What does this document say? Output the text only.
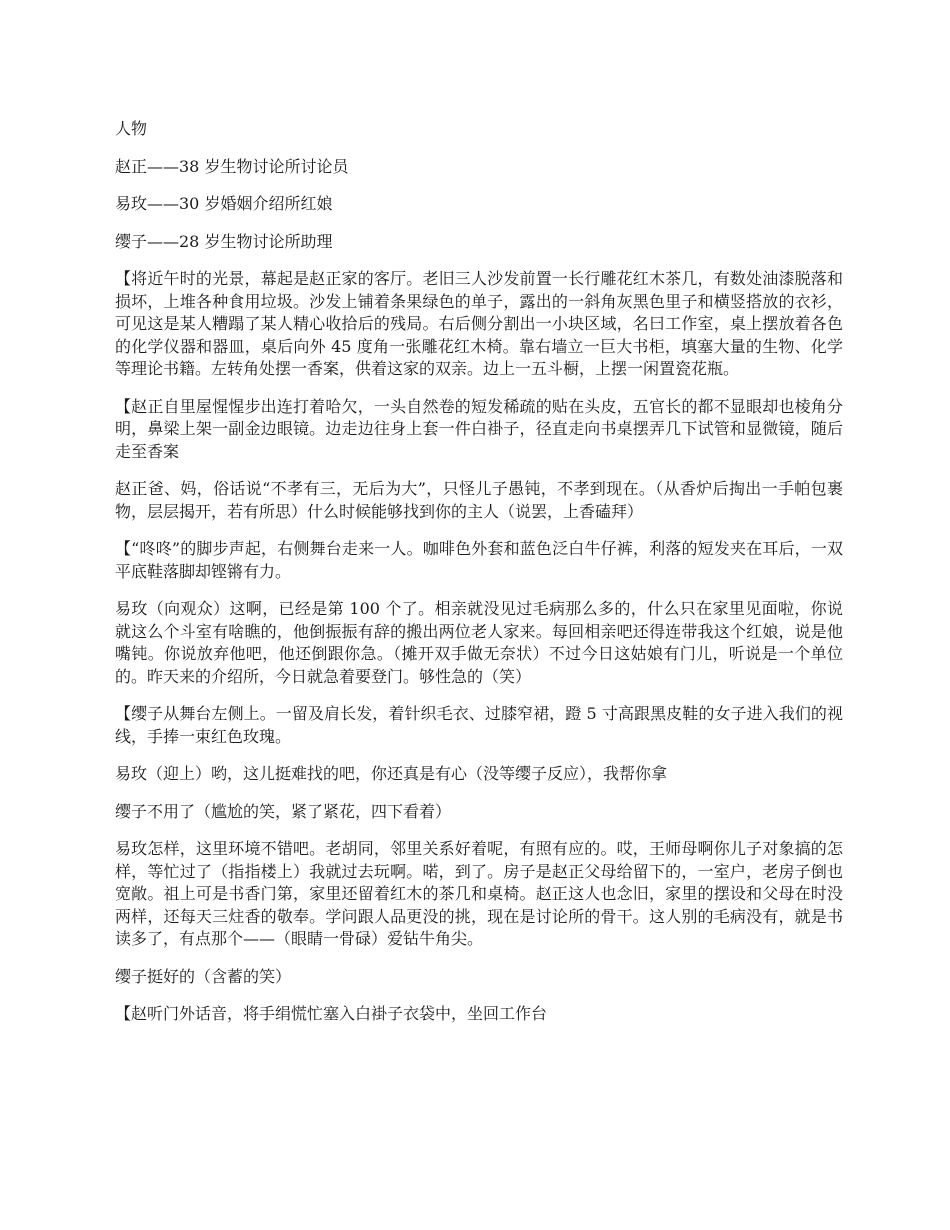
人物

赵正——38 岁生物讨论所讨论员

易玫——30 岁婚姻介绍所红娘

缨子——28 岁生物讨论所助理

【将近午时的光景，幕起是赵正家的客厅。老旧三人沙发前置一长行雕花红木茶几，有数处油漆脱落和损坏，上堆各种食用垃圾。沙发上铺着条果绿色的单子，露出的一斜角灰黑色里子和横竖搭放的衣衫，可见这是某人糟蹋了某人精心收拾后的残局。右后侧分割出一小块区域，名曰工作室，桌上摆放着各色的化学仪器和器皿，桌后向外 45 度角一张雕花红木椅。靠右墙立一巨大书柜，填塞大量的生物、化学等理论书籍。左转角处摆一香案，供着这家的双亲。边上一五斗橱，上摆一闲置瓷花瓶。

【赵正自里屋惺惺步出连打着哈欠，一头自然卷的短发稀疏的贴在头皮，五官长的都不显眼却也棱角分明，鼻梁上架一副金边眼镜。边走边往身上套一件白褂子，径直走向书桌摆弄几下试管和显微镜，随后走至香案

赵正爸、妈，俗话说“不孝有三，无后为大”，只怪儿子愚钝，不孝到现在。（从香炉后掏出一手帕包裹物，层层揭开，若有所思）什么时候能够找到你的主人（说罢，上香磕拜）

【“咚咚”的脚步声起，右侧舞台走来一人。咖啡色外套和蓝色泛白牛仔裤，利落的短发夹在耳后，一双平底鞋落脚却铿锵有力。

易玫（向观众）这啊，已经是第 100 个了。相亲就没见过毛病那么多的，什么只在家里见面啦，你说就这么个斗室有啥瞧的，他倒振振有辞的搬出两位老人家来。每回相亲吧还得连带我这个红娘，说是他嘴钝。你说放弃他吧，他还倒跟你急。（摊开双手做无奈状）不过今日这姑娘有门儿，听说是一个单位的。昨天来的介绍所，今日就急着要登门。够性急的（笑）

【缨子从舞台左侧上。一留及肩长发，着针织毛衣、过膝窄裙，蹬 5 寸高跟黑皮鞋的女子进入我们的视线，手捧一束红色玫瑰。

易玫（迎上）哟，这儿挺难找的吧，你还真是有心（没等缨子反应），我帮你拿

缨子不用了（尴尬的笑，紧了紧花，四下看着）

易玫怎样，这里环境不错吧。老胡同，邻里关系好着呢，有照有应的。哎，王师母啊你儿子对象搞的怎样，等忙过了（指指楼上）我就过去玩啊。喏，到了。房子是赵正父母给留下的，一室户，老房子倒也宽敞。祖上可是书香门第，家里还留着红木的茶几和桌椅。赵正这人也念旧，家里的摆设和父母在时没两样，还每天三炷香的敬奉。学问跟人品更没的挑，现在是讨论所的骨干。这人别的毛病没有，就是书读多了，有点那个——（眼睛一骨碌）爱钻牛角尖。

缨子挺好的（含蓄的笑）

【赵听门外话音，将手绢慌忙塞入白褂子衣袋中，坐回工作台
